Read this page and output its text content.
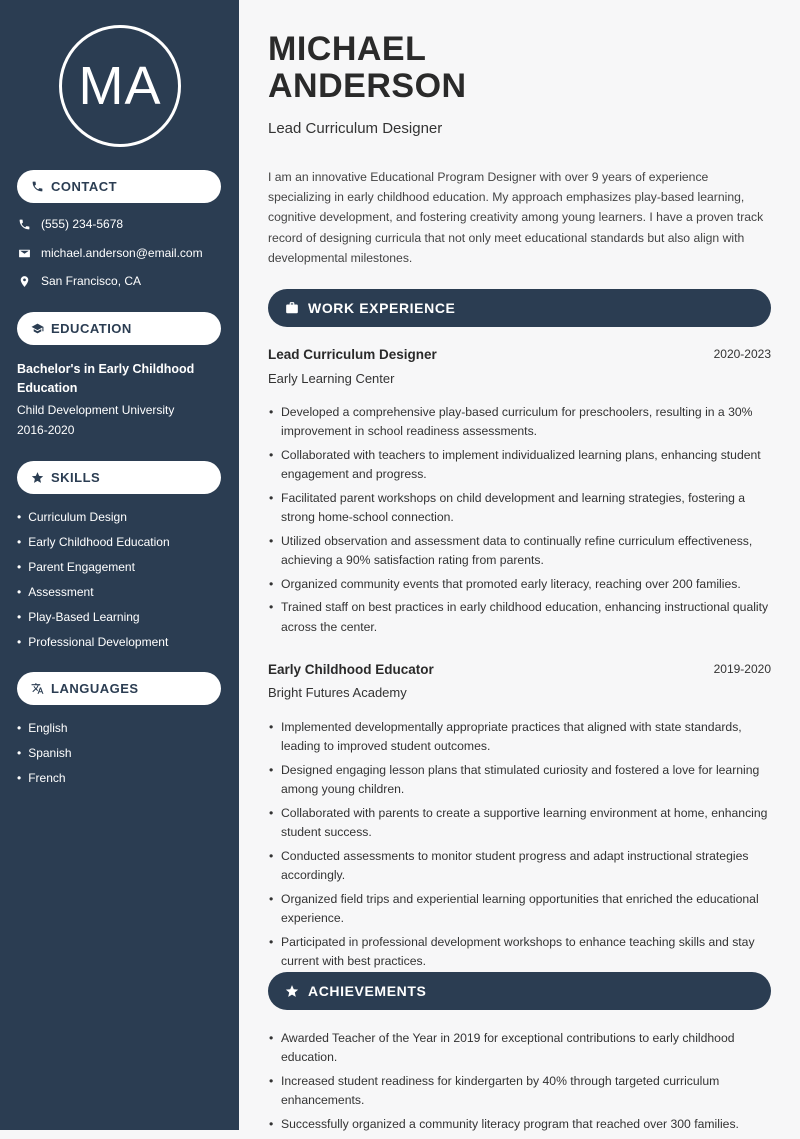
MA
CONTACT
(555) 234-5678
michael.anderson@email.com
San Francisco, CA
EDUCATION
Bachelor's in Early Childhood Education
Child Development University
2016-2020
SKILLS
• Curriculum Design
• Early Childhood Education
• Parent Engagement
• Assessment
• Play-Based Learning
• Professional Development
LANGUAGES
• English
• Spanish
• French
MICHAEL
ANDERSON
Lead Curriculum Designer

I am an innovative Educational Program Designer with over 9 years of experience specializing in early childhood education. My approach emphasizes play-based learning, cognitive development, and fostering creativity among young learners. I have a proven track record of designing curricula that not only meet educational standards but also align with developmental milestones.

WORK EXPERIENCE
Lead Curriculum Designer	2020-2023
Early Learning Center
• Developed a comprehensive play-based curriculum for preschoolers, resulting in a 30% improvement in school readiness assessments.
• Collaborated with teachers to implement individualized learning plans, enhancing student engagement and progress.
• Facilitated parent workshops on child development and learning strategies, fostering a strong home-school connection.
• Utilized observation and assessment data to continually refine curriculum effectiveness, achieving a 90% satisfaction rating from parents.
• Organized community events that promoted early literacy, reaching over 200 families.
• Trained staff on best practices in early childhood education, enhancing instructional quality across the center.
Early Childhood Educator	2019-2020
Bright Futures Academy
• Implemented developmentally appropriate practices that aligned with state standards, leading to improved student outcomes.
• Designed engaging lesson plans that stimulated curiosity and fostered a love for learning among young children.
• Collaborated with parents to create a supportive learning environment at home, enhancing student success.
• Conducted assessments to monitor student progress and adapt instructional strategies accordingly.
• Organized field trips and experiential learning opportunities that enriched the educational experience.
• Participated in professional development workshops to enhance teaching skills and stay current with best practices.
ACHIEVEMENTS
• Awarded Teacher of the Year in 2019 for exceptional contributions to early childhood education.
• Increased student readiness for kindergarten by 40% through targeted curriculum enhancements.
• Successfully organized a community literacy program that reached over 300 families.
